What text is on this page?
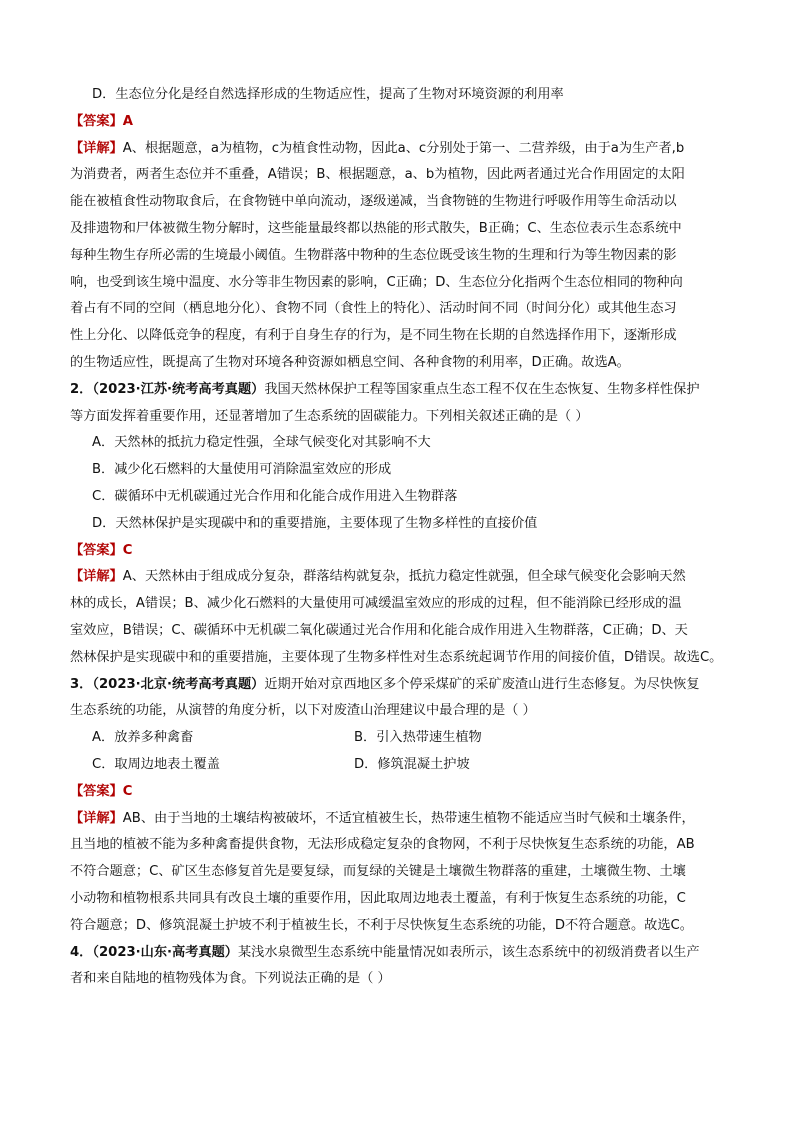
D．生态位分化是经自然选择形成的生物适应性，提高了生物对环境资源的利用率
【答案】A
【详解】A、根据题意，a为植物，c为植食性动物，因此a、c分别处于第一、二营养级，由于a为生产者,b
为消费者，两者生态位并不重叠，A错误；B、根据题意，a、b为植物，因此两者通过光合作用固定的太阳
能在被植食性动物取食后，在食物链中单向流动，逐级递减，当食物链的生物进行呼吸作用等生命活动以
及排遗物和尸体被微生物分解时，这些能量最终都以热能的形式散失，B正确；C、生态位表示生态系统中
每种生物生存所必需的生境最小阈值。生物群落中物种的生态位既受该生物的生理和行为等生物因素的影
响，也受到该生境中温度、水分等非生物因素的影响，C正确；D、生态位分化指两个生态位相同的物种向
着占有不同的空间（栖息地分化）、食物不同（食性上的特化）、活动时间不同（时间分化）或其他生态习
性上分化、以降低竞争的程度，有利于自身生存的行为，是不同生物在长期的自然选择作用下，逐渐形成
的生物适应性，既提高了生物对环境各种资源如栖息空间、各种食物的利用率，D正确。故选A。
2．（2023·江苏·统考高考真题）我国天然林保护工程等国家重点生态工程不仅在生态恢复、生物多样性保护
等方面发挥着重要作用，还显著增加了生态系统的固碳能力。下列相关叙述正确的是（ ）
A．天然林的抵抗力稳定性强，全球气候变化对其影响不大
B．减少化石燃料的大量使用可消除温室效应的形成
C．碳循环中无机碳通过光合作用和化能合成作用进入生物群落
D．天然林保护是实现碳中和的重要措施，主要体现了生物多样性的直接价值
【答案】C
【详解】A、天然林由于组成成分复杂，群落结构就复杂，抵抗力稳定性就强，但全球气候变化会影响天然
林的成长，A错误；B、减少化石燃料的大量使用可减缓温室效应的形成的过程，但不能消除已经形成的温
室效应，B错误；C、碳循环中无机碳二氧化碳通过光合作用和化能合成作用进入生物群落，C正确；D、天
然林保护是实现碳中和的重要措施，主要体现了生物多样性对生态系统起调节作用的间接价值，D错误。故选C。
3．（2023·北京·统考高考真题）近期开始对京西地区多个停采煤矿的采矿废渣山进行生态修复。为尽快恢复
生态系统的功能，从演替的角度分析，以下对废渣山治理建议中最合理的是（ ）
A．放养多种禽畜	B．引入热带速生植物
C．取周边地表土覆盖	D．修筑混凝土护坡
【答案】C
【详解】AB、由于当地的土壤结构被破坏，不适宜植被生长，热带速生植物不能适应当时气候和土壤条件，
且当地的植被不能为多种禽畜提供食物，无法形成稳定复杂的食物网，不利于尽快恢复生态系统的功能，AB
不符合题意；C、矿区生态修复首先是要复绿，而复绿的关键是土壤微生物群落的重建，土壤微生物、土壤
小动物和植物根系共同具有改良土壤的重要作用，因此取周边地表土覆盖，有利于恢复生态系统的功能，C
符合题意；D、修筑混凝土护坡不利于植被生长，不利于尽快恢复生态系统的功能，D不符合题意。故选C。
4．（2023·山东·高考真题）某浅水泉微型生态系统中能量情况如表所示，该生态系统中的初级消费者以生产
者和来自陆地的植物残体为食。下列说法正确的是（ ）
